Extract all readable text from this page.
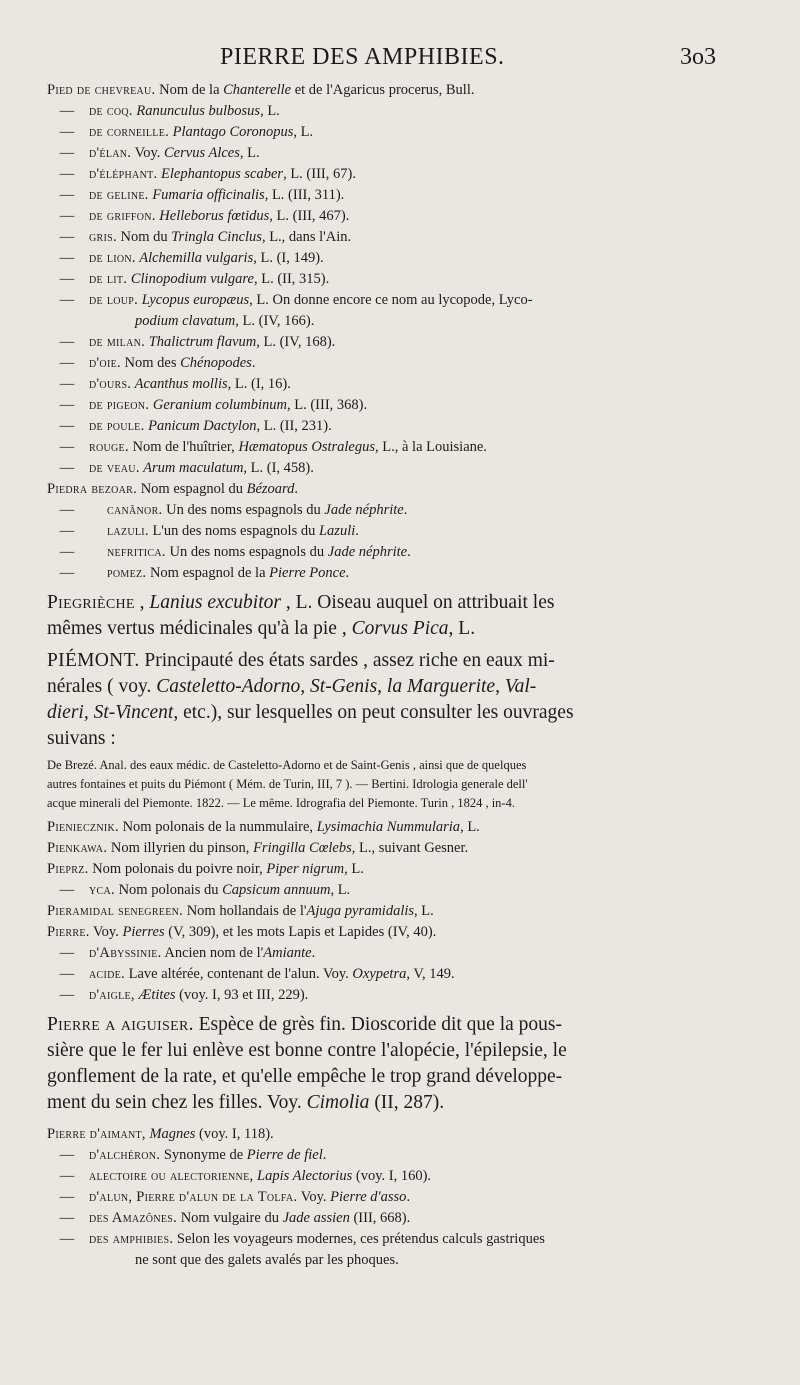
PIERRE DES AMPHIBIES.	3o3
Pied de chevreau. Nom de la Chanterelle et de l'Agaricus procerus, Bull.
— de coq. Ranunculus bulbosus, L.
— de corneille. Plantago Coronopus, L.
— d'élan. Voy. Cervus Alces, L.
— d'éléphant. Elephantopus scaber, L. (III, 67).
— de geline. Fumaria officinalis, L. (III, 311).
— de griffon. Helleborus fœtidus, L. (III, 467).
— gris. Nom du Tringla Cinclus, L., dans l'Ain.
— de lion. Alchemilla vulgaris, L. (I, 149).
— de lit. Clinopodium vulgare, L. (II, 315).
— de loup. Lycopus europæus, L. On donne encore ce nom au lycopode, Lyco-
podium clavatum, L. (IV, 166).
— de milan. Thalictrum flavum, L. (IV, 168).
— d'oie. Nom des Chénopodes.
— d'ours. Acanthus mollis, L. (I, 16).
— de pigeon. Geranium columbinum, L. (III, 368).
— de poule. Panicum Dactylon, L. (II, 231).
— rouge. Nom de l'huîtrier, Hæmatopus Ostralegus, L., à la Louisiane.
— de veau. Arum maculatum, L. (I, 458).
Piedra bezoar. Nom espagnol du Bézoard.
— canânor. Un des noms espagnols du Jade néphrite.
— lazuli. L'un des noms espagnols du Lazuli.
— nefritica. Un des noms espagnols du Jade néphrite.
— pomez. Nom espagnol de la Pierre Ponce.
Piegrièche , Lanius excubitor , L. Oiseau auquel on attribuait les
mêmes vertus médicinales qu'à la pie , Corvus Pica, L.
PIÉMONT. Principauté des états sardes , assez riche en eaux mi-
nérales ( voy. Casteletto-Adorno, St-Genis, la Marguerite, Val-
dieri, St-Vincent, etc.), sur lesquelles on peut consulter les ouvrages
suivans :
De Brezé. Anal. des eaux médic. de Casteletto-Adorno et de Saint-Genis , ainsi que de quelques
autres fontaines et puits du Piémont ( Mém. de Turin, III, 7 ). — Bertini. Idrologia generale dell'
acque minerali del Piemonte. 1822. — Le même. Idrografia del Piemonte. Turin , 1824 , in-4.
Pieniecznik. Nom polonais de la nummulaire, Lysimachia Nummularia, L.
Pienkawa. Nom illyrien du pinson, Fringilla Cœlebs, L., suivant Gesner.
Pieprz. Nom polonais du poivre noir, Piper nigrum, L.
— yca. Nom polonais du Capsicum annuum, L.
Pieramidal senegreen. Nom hollandais de l'Ajuga pyramidalis, L.
Pierre. Voy. Pierres (V, 309), et les mots Lapis et Lapides (IV, 40).
— d'Abyssinie. Ancien nom de l'Amiante.
— acide. Lave altérée, contenant de l'alun. Voy. Oxypetra, V, 149.
— d'aigle, Ætites (voy. I, 93 et III, 229).
Pierre a aiguiser. Espèce de grès fin. Dioscoride dit que la pous-
sière que le fer lui enlève est bonne contre l'alopécie, l'épilepsie, le
gonflement de la rate, et qu'elle empêche le trop grand développe-
ment du sein chez les filles. Voy. Cimolia (II, 287).
Pierre d'aimant, Magnes (voy. I, 118).
— d'alchéron. Synonyme de Pierre de fiel.
— alectoire ou alectorienne, Lapis Alectorius (voy. I, 160).
— d'alun, Pierre d'alun de la Tolfa. Voy. Pierre d'asso.
— des Amazônes. Nom vulgaire du Jade assien (III, 668).
— des amphibies. Selon les voyageurs modernes, ces prétendus calculs gastriques
ne sont que des galets avalés par les phoques.
